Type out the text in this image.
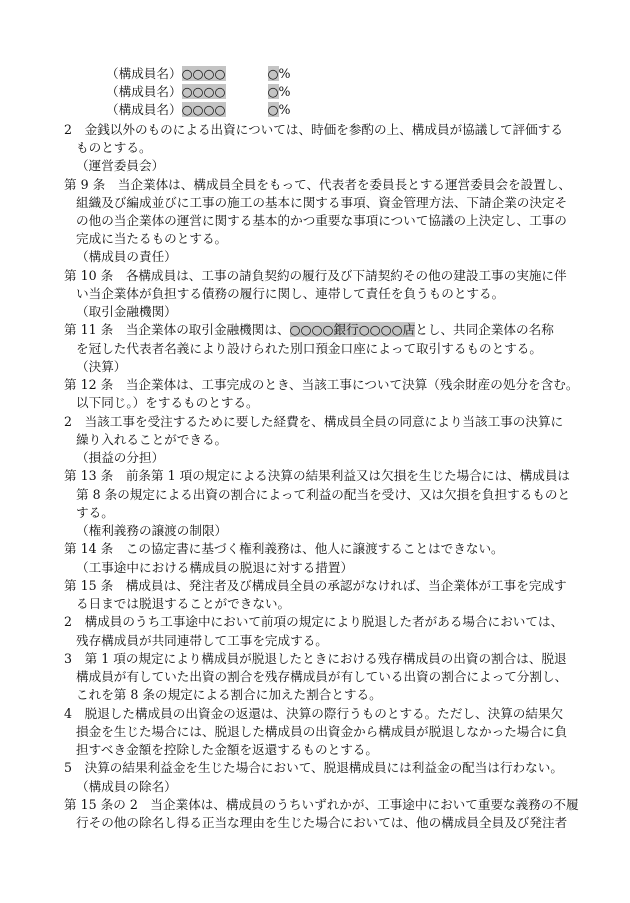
（構成員名）○○○○	○%
（構成員名）○○○○	○%
（構成員名）○○○○	○%
2　金銭以外のものによる出資については、時価を参酌の上、構成員が協議して評価する
ものとする。
（運営委員会）
第 9 条　当企業体は、構成員全員をもって、代表者を委員長とする運営委員会を設置し、
組織及び編成並びに工事の施工の基本に関する事項、資金管理方法、下請企業の決定そ
の他の当企業体の運営に関する基本的かつ重要な事項について協議の上決定し、工事の
完成に当たるものとする。
（構成員の責任）
第 10 条　各構成員は、工事の請負契約の履行及び下請契約その他の建設工事の実施に伴
い当企業体が負担する債務の履行に関し、連帯して責任を負うものとする。
（取引金融機関）
第 11 条　当企業体の取引金融機関は、○○○○銀行○○○○店とし、共同企業体の名称
を冠した代表者名義により設けられた別口預金口座によって取引するものとする。
（決算）
第 12 条　当企業体は、工事完成のとき、当該工事について決算（残余財産の処分を含む。
以下同じ。）をするものとする。
2　当該工事を受注するために要した経費を、構成員全員の同意により当該工事の決算に
繰り入れることができる。
（損益の分担）
第 13 条　前条第 1 項の規定による決算の結果利益又は欠損を生じた場合には、構成員は
第 8 条の規定による出資の割合によって利益の配当を受け、又は欠損を負担するものと
する。
（権利義務の譲渡の制限）
第 14 条　この協定書に基づく権利義務は、他人に譲渡することはできない。
（工事途中における構成員の脱退に対する措置）
第 15 条　構成員は、発注者及び構成員全員の承認がなければ、当企業体が工事を完成す
る日までは脱退することができない。
2　構成員のうち工事途中において前項の規定により脱退した者がある場合においては、
残存構成員が共同連帯して工事を完成する。
3　第 1 項の規定により構成員が脱退したときにおける残存構成員の出資の割合は、脱退
構成員が有していた出資の割合を残存構成員が有している出資の割合によって分割し、
これを第 8 条の規定による割合に加えた割合とする。
4　脱退した構成員の出資金の返還は、決算の際行うものとする。ただし、決算の結果欠
損金を生じた場合には、脱退した構成員の出資金から構成員が脱退しなかった場合に負
担すべき金額を控除した金額を返還するものとする。
5　決算の結果利益金を生じた場合において、脱退構成員には利益金の配当は行わない。
（構成員の除名）
第 15 条の 2　当企業体は、構成員のうちいずれかが、工事途中において重要な義務の不履
行その他の除名し得る正当な理由を生じた場合においては、他の構成員全員及び発注者
